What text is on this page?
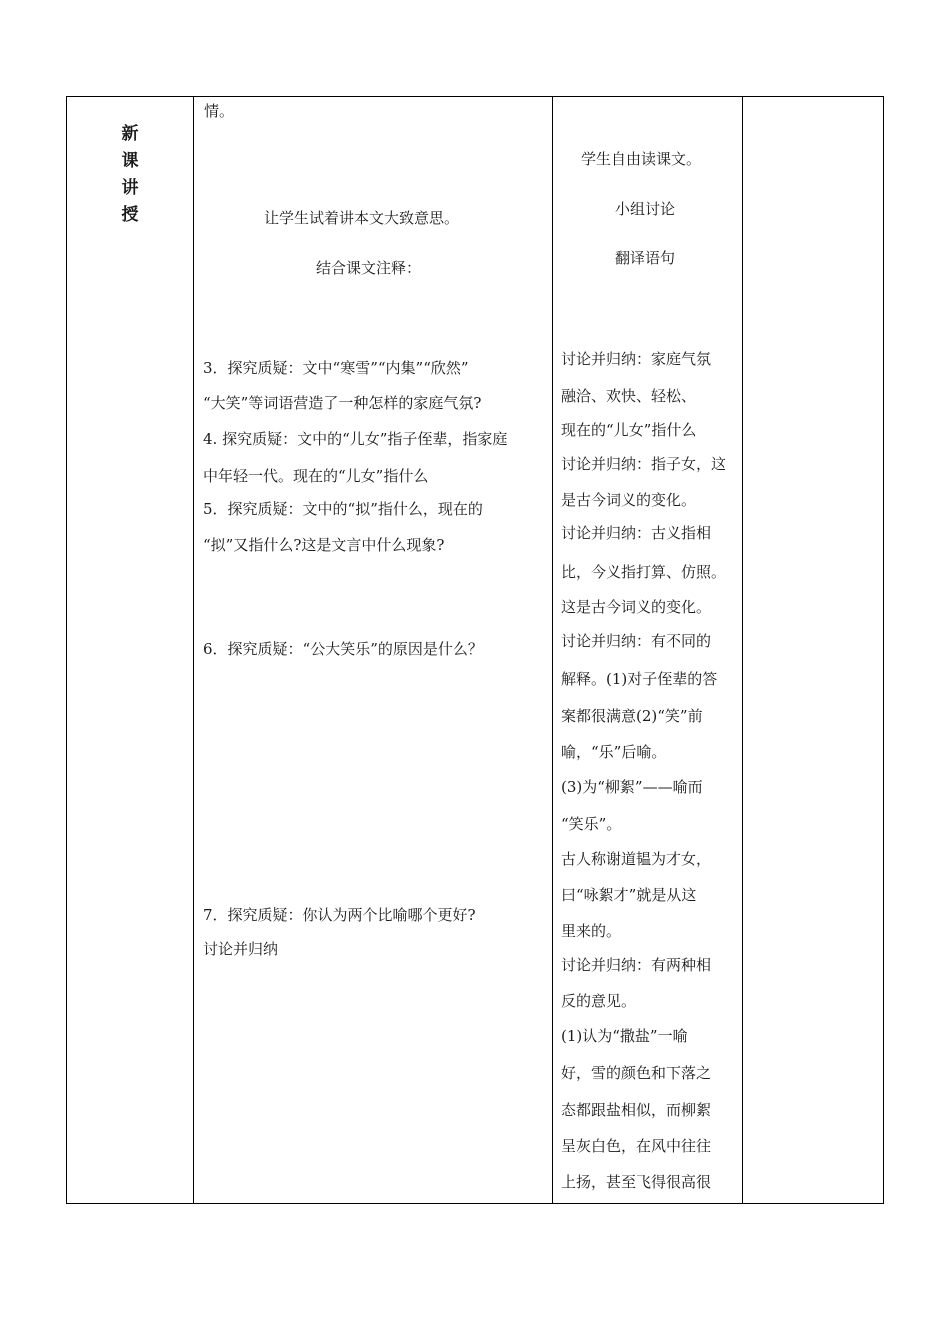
新
课
讲
授
情。
让学生试着讲本文大致意思。
结合课文注释：
3．探究质疑：文中“寒雪”“内集”“欣然”
“大笑”等词语营造了一种怎样的家庭气氛?
4. 探究质疑：文中的“儿女”指子侄辈，指家庭
中年轻一代。现在的“儿女”指什么
5．探究质疑：文中的“拟”指什么，现在的
“拟”又指什么?这是文言中什么现象?
6．探究质疑：“公大笑乐”的原因是什么？
7．探究质疑：你认为两个比喻哪个更好?
讨论并归纳
学生自由读课文。
小组讨论
翻译语句
讨论并归纳：家庭气氛
融洽、欢快、轻松、
现在的“儿女”指什么
讨论并归纳：指子女，这
是古今词义的变化。
讨论并归纳：古义指相
比，今义指打算、仿照。
这是古今词义的变化。
讨论并归纳：有不同的
解释。(1)对子侄辈的答
案都很满意(2)“笑”前
喻，“乐”后喻。
(3)为“柳絮”——喻而
“笑乐”。
古人称谢道韫为才女，
曰“咏絮才”就是从这
里来的。
讨论并归纳：有两种相
反的意见。
(1)认为“撒盐”一喻
好，雪的颜色和下落之
态都跟盐相似，而柳絮
呈灰白色，在风中往往
上扬，甚至飞得很高很
